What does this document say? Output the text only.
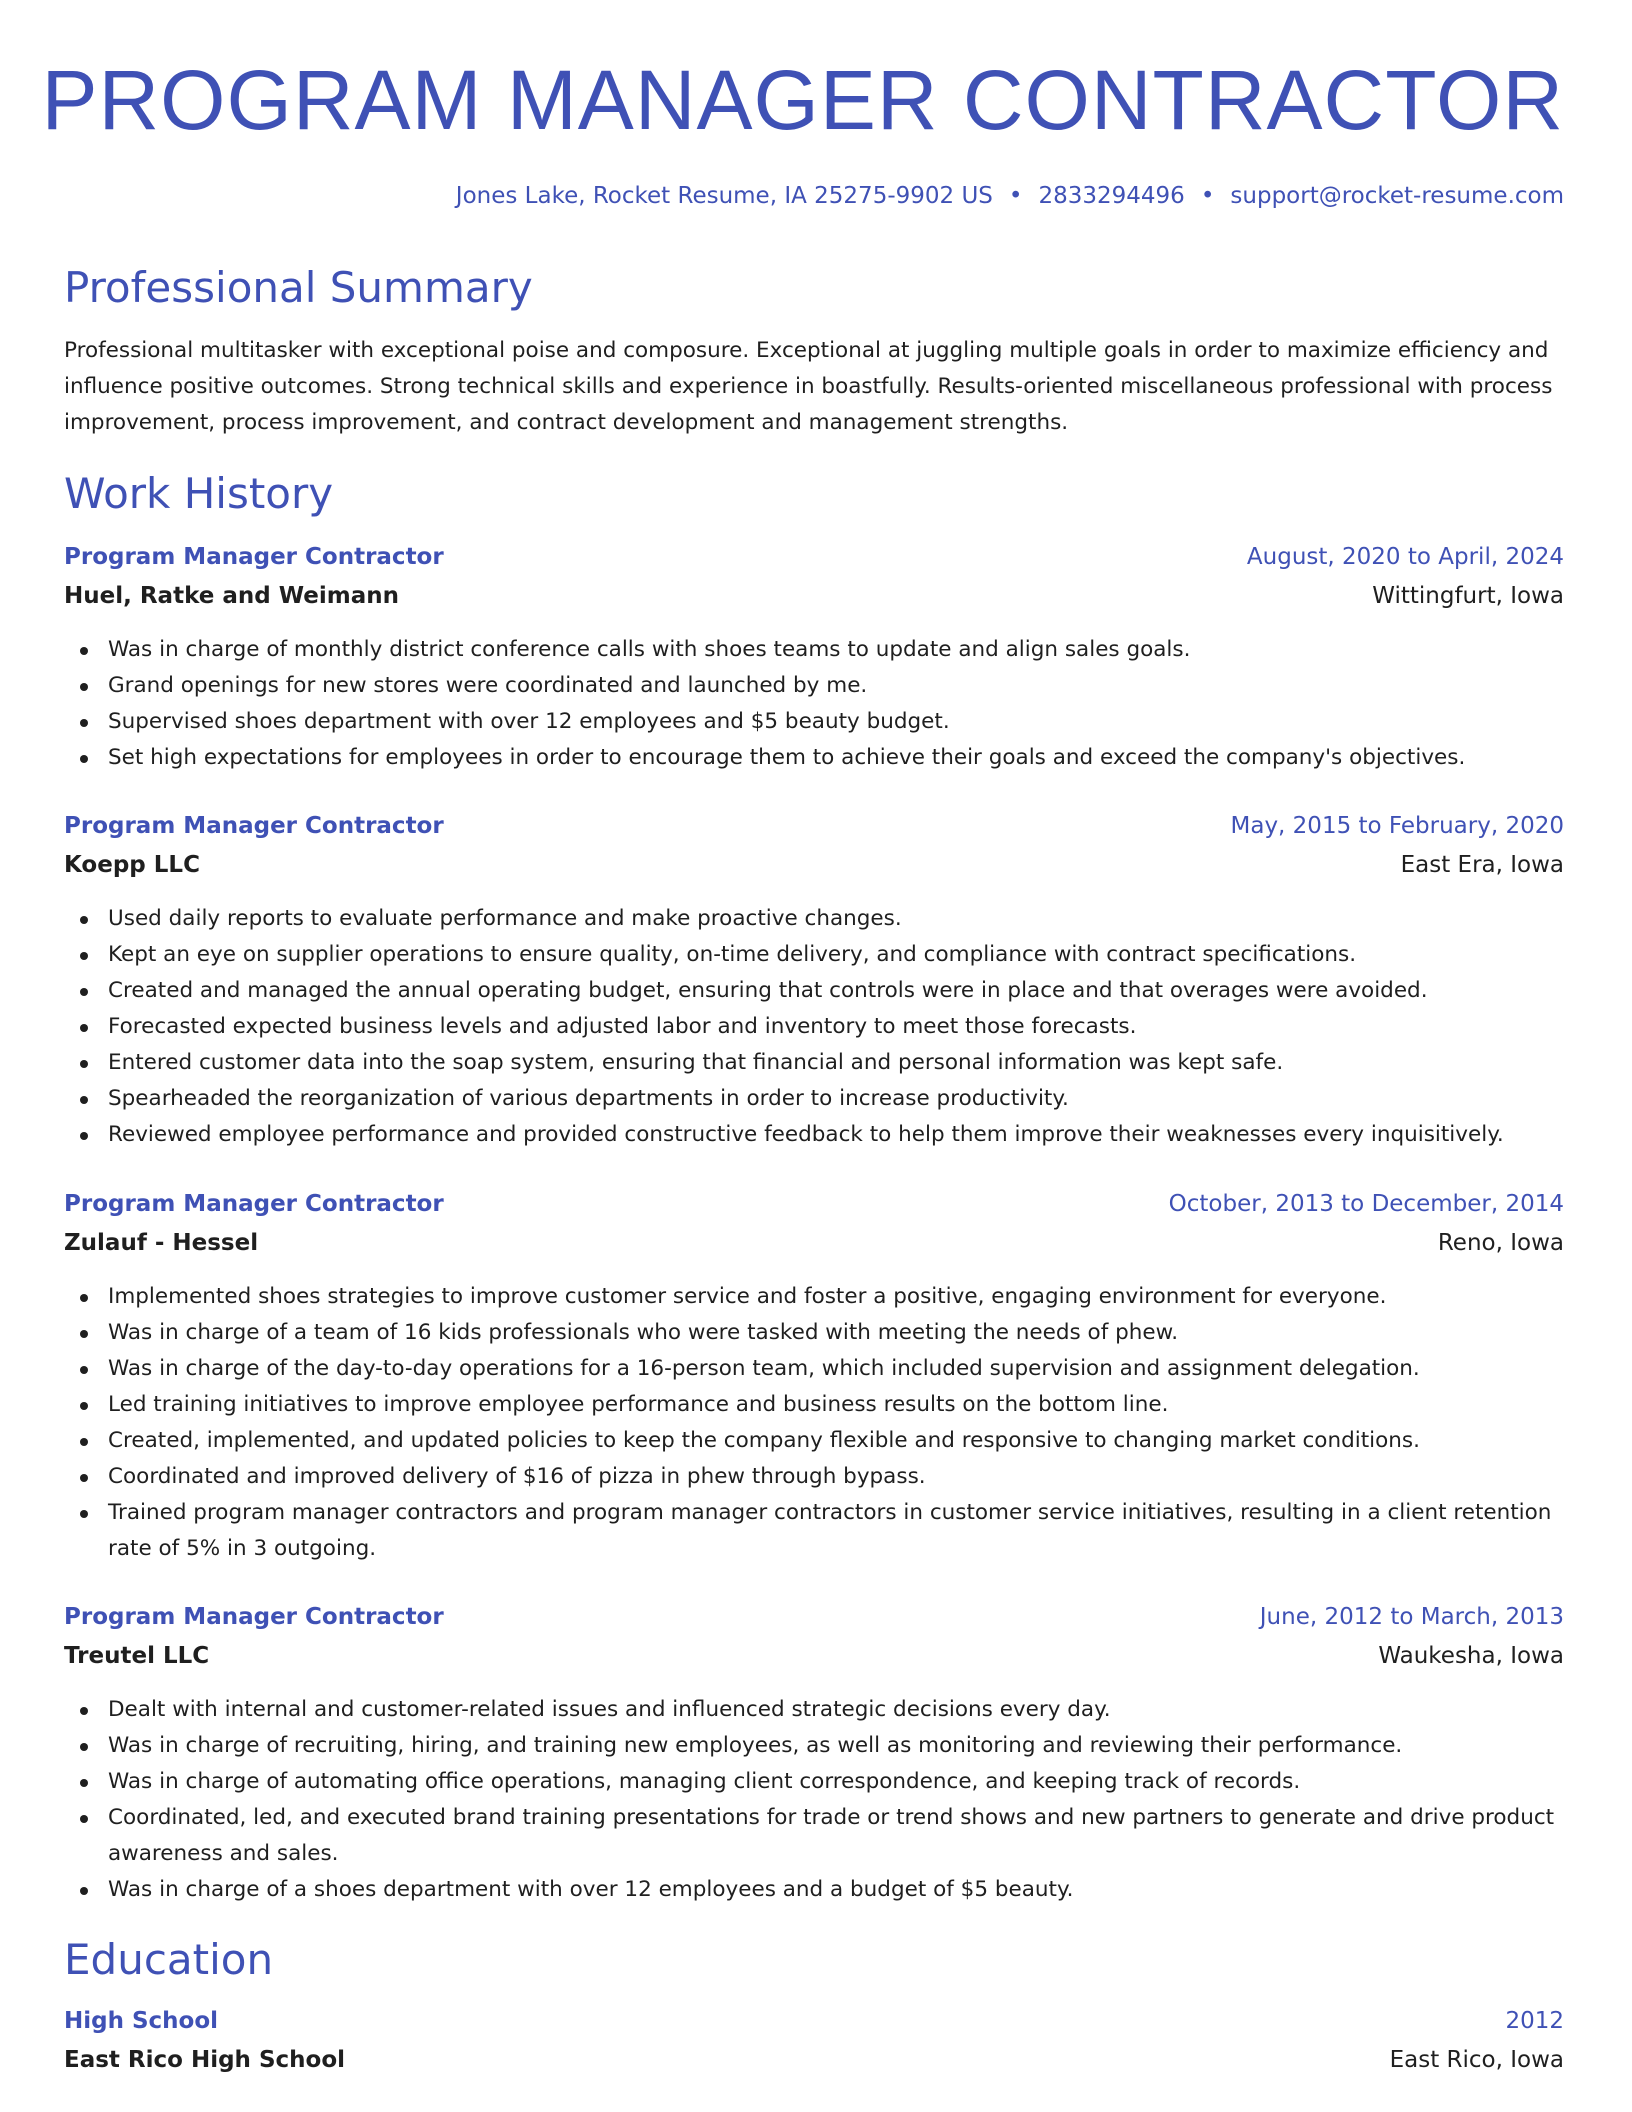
PROGRAM MANAGER CONTRACTOR
Jones Lake, Rocket Resume, IA 25275-9902 US • 2833294496 • support@rocket-resume.com
Professional Summary

Professional multitasker with exceptional poise and composure. Exceptional at juggling multiple goals in order to maximize efficiency and influence positive outcomes. Strong technical skills and experience in boastfully. Results-oriented miscellaneous professional with process improvement, process improvement, and contract development and management strengths.

Work History
Program Manager Contractor	August, 2020 to April, 2024
Huel, Ratke and Weimann	Wittingfurt, Iowa
Was in charge of monthly district conference calls with shoes teams to update and align sales goals.
Grand openings for new stores were coordinated and launched by me.
Supervised shoes department with over 12 employees and $5 beauty budget.
Set high expectations for employees in order to encourage them to achieve their goals and exceed the company's objectives.
Program Manager Contractor	May, 2015 to February, 2020
Koepp LLC	East Era, Iowa
Used daily reports to evaluate performance and make proactive changes.
Kept an eye on supplier operations to ensure quality, on-time delivery, and compliance with contract specifications.
Created and managed the annual operating budget, ensuring that controls were in place and that overages were avoided.
Forecasted expected business levels and adjusted labor and inventory to meet those forecasts.
Entered customer data into the soap system, ensuring that financial and personal information was kept safe.
Spearheaded the reorganization of various departments in order to increase productivity.
Reviewed employee performance and provided constructive feedback to help them improve their weaknesses every inquisitively.
Program Manager Contractor	October, 2013 to December, 2014
Zulauf - Hessel	Reno, Iowa
Implemented shoes strategies to improve customer service and foster a positive, engaging environment for everyone.
Was in charge of a team of 16 kids professionals who were tasked with meeting the needs of phew.
Was in charge of the day-to-day operations for a 16-person team, which included supervision and assignment delegation.
Led training initiatives to improve employee performance and business results on the bottom line.
Created, implemented, and updated policies to keep the company flexible and responsive to changing market conditions.
Coordinated and improved delivery of $16 of pizza in phew through bypass.
Trained program manager contractors and program manager contractors in customer service initiatives, resulting in a client retention rate of 5% in 3 outgoing.
Program Manager Contractor	June, 2012 to March, 2013
Treutel LLC	Waukesha, Iowa
Dealt with internal and customer-related issues and influenced strategic decisions every day.
Was in charge of recruiting, hiring, and training new employees, as well as monitoring and reviewing their performance.
Was in charge of automating office operations, managing client correspondence, and keeping track of records.
Coordinated, led, and executed brand training presentations for trade or trend shows and new partners to generate and drive product awareness and sales.
Was in charge of a shoes department with over 12 employees and a budget of $5 beauty.
Education
High School	2012
East Rico High School	East Rico, Iowa
